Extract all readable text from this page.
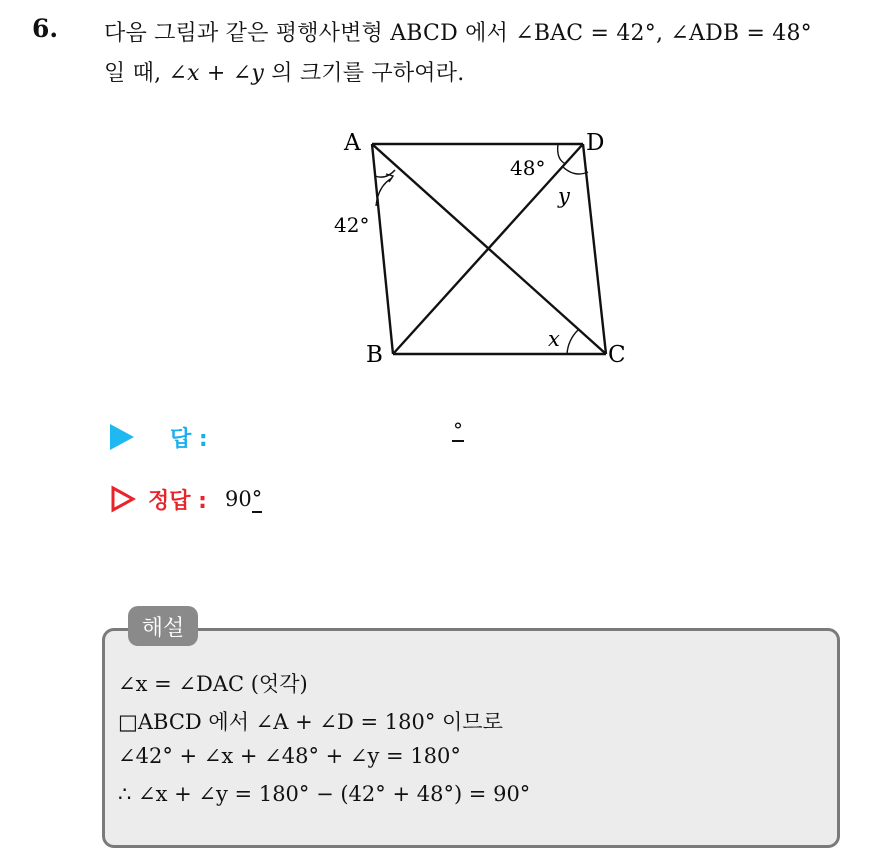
6. 다음 그림과 같은 평행사변형 ABCD 에서 ∠BAC = 42°, ∠ADB = 48°
일 때, ∠x + ∠y 의 크기를 구하여라.
A	D
B	C
42°
48°
y
x
답 :	°
정답 : 90°
해설
∠x = ∠DAC (엇각)
□ABCD 에서 ∠A + ∠D = 180° 이므로
∠42° + ∠x + ∠48° + ∠y = 180°
∴ ∠x + ∠y = 180° − (42° + 48°) = 90°
